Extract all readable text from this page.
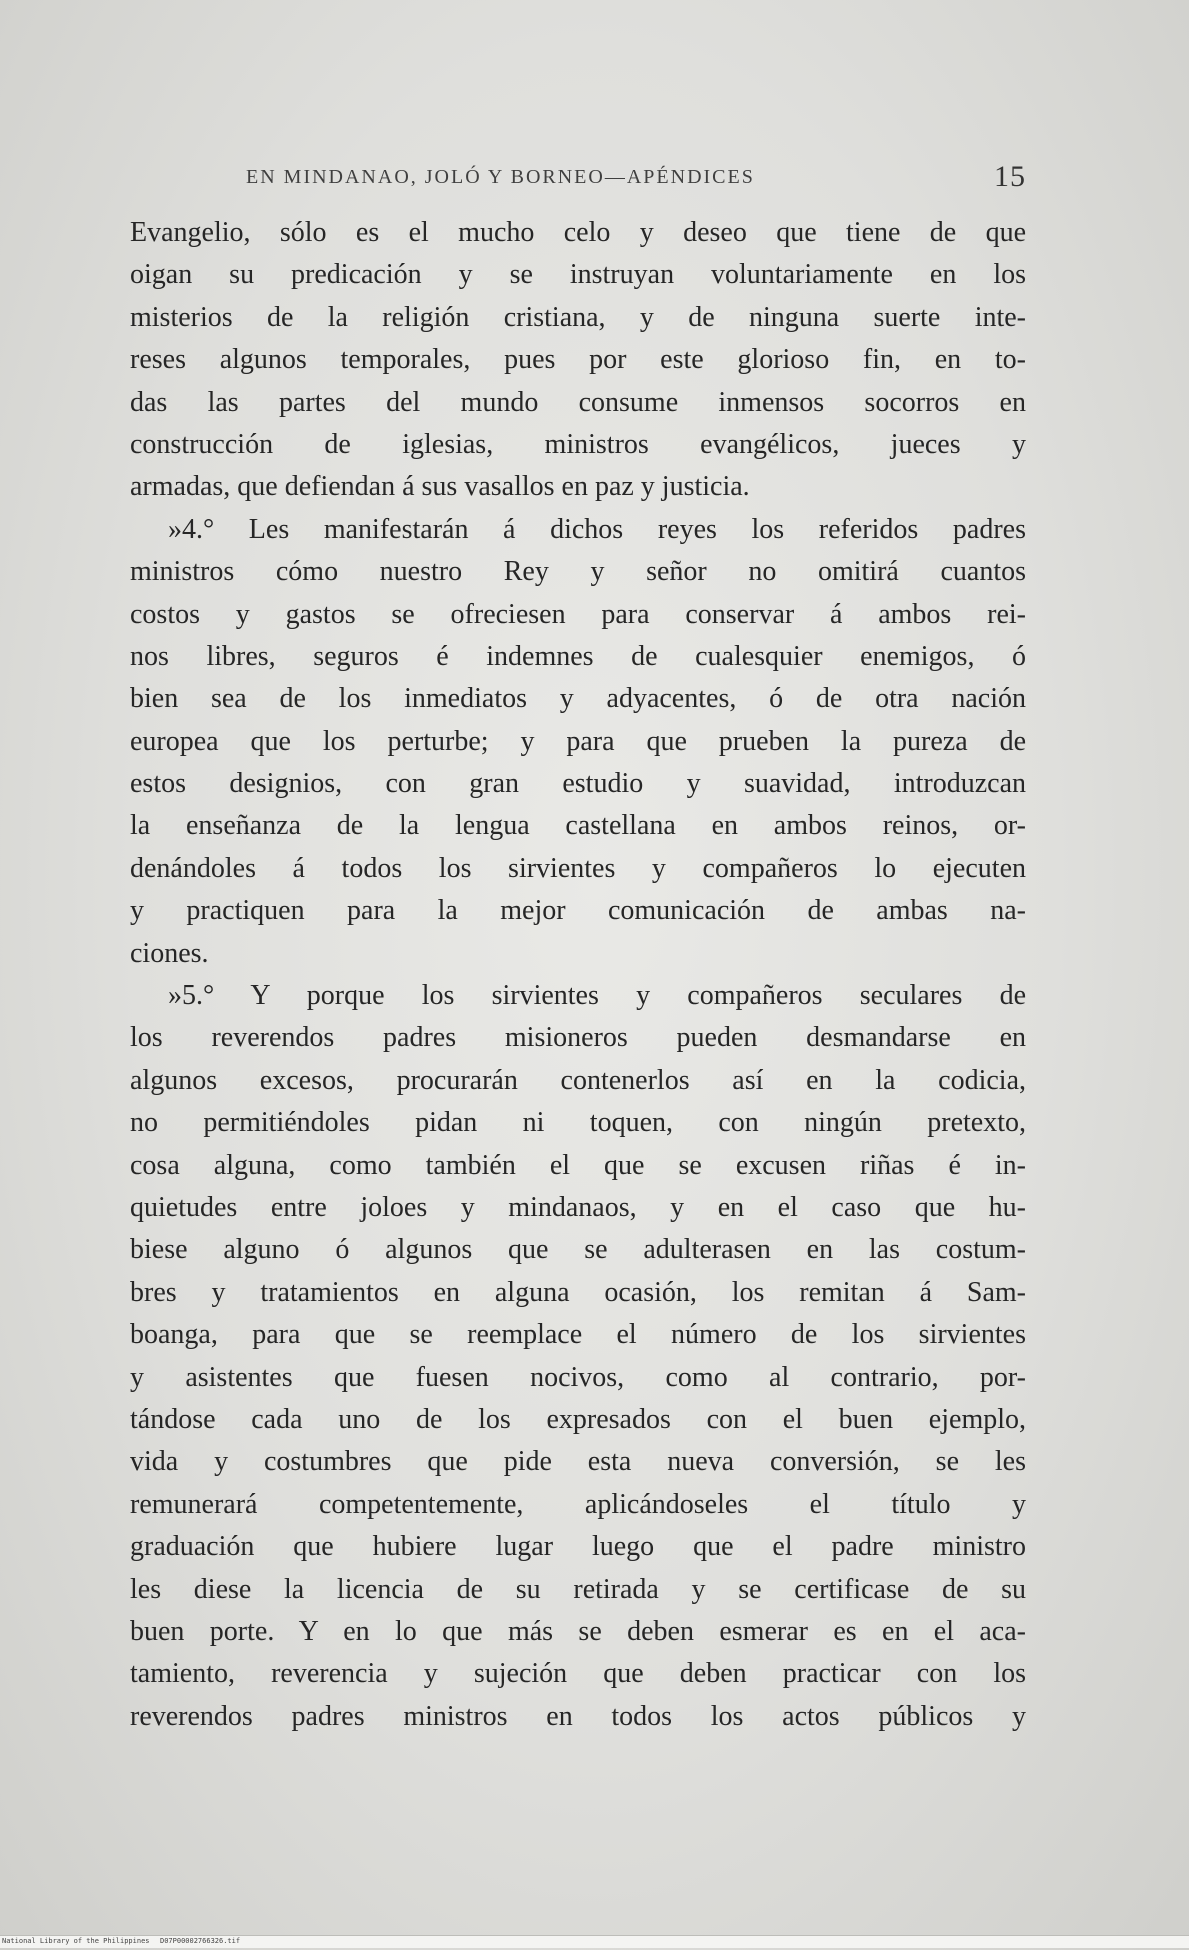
EN MINDANAO, JOLÓ Y BORNEO—APÉNDICES	15
Evangelio, sólo es el mucho celo y deseo que tiene de que
oigan su predicación y se instruyan voluntariamente en los
misterios de la religión cristiana, y de ninguna suerte inte-
reses algunos temporales, pues por este glorioso fin, en to-
das las partes del mundo consume inmensos socorros en
construcción de iglesias, ministros evangélicos, jueces y
armadas, que defiendan á sus vasallos en paz y justicia.
»4.° Les manifestarán á dichos reyes los referidos padres
ministros cómo nuestro Rey y señor no omitirá cuantos
costos y gastos se ofreciesen para conservar á ambos rei-
nos libres, seguros é indemnes de cualesquier enemigos, ó
bien sea de los inmediatos y adyacentes, ó de otra nación
europea que los perturbe; y para que prueben la pureza de
estos designios, con gran estudio y suavidad, introduzcan
la enseñanza de la lengua castellana en ambos reinos, or-
denándoles á todos los sirvientes y compañeros lo ejecuten
y practiquen para la mejor comunicación de ambas na-
ciones.
»5.° Y porque los sirvientes y compañeros seculares de
los reverendos padres misioneros pueden desmandarse en
algunos excesos, procurarán contenerlos así en la codicia,
no permitiéndoles pidan ni toquen, con ningún pretexto,
cosa alguna, como también el que se excusen riñas é in-
quietudes entre joloes y mindanaos, y en el caso que hu-
biese alguno ó algunos que se adulterasen en las costum-
bres y tratamientos en alguna ocasión, los remitan á Sam-
boanga, para que se reemplace el número de los sirvientes
y asistentes que fuesen nocivos, como al contrario, por-
tándose cada uno de los expresados con el buen ejemplo,
vida y costumbres que pide esta nueva conversión, se les
remunerará competentemente, aplicándoseles el título y
graduación que hubiere lugar luego que el padre ministro
les diese la licencia de su retirada y se certificase de su
buen porte. Y en lo que más se deben esmerar es en el aca-
tamiento, reverencia y sujeción que deben practicar con los
reverendos padres ministros en todos los actos públicos y
National Library of the Philippines D07P00002766326.tif
